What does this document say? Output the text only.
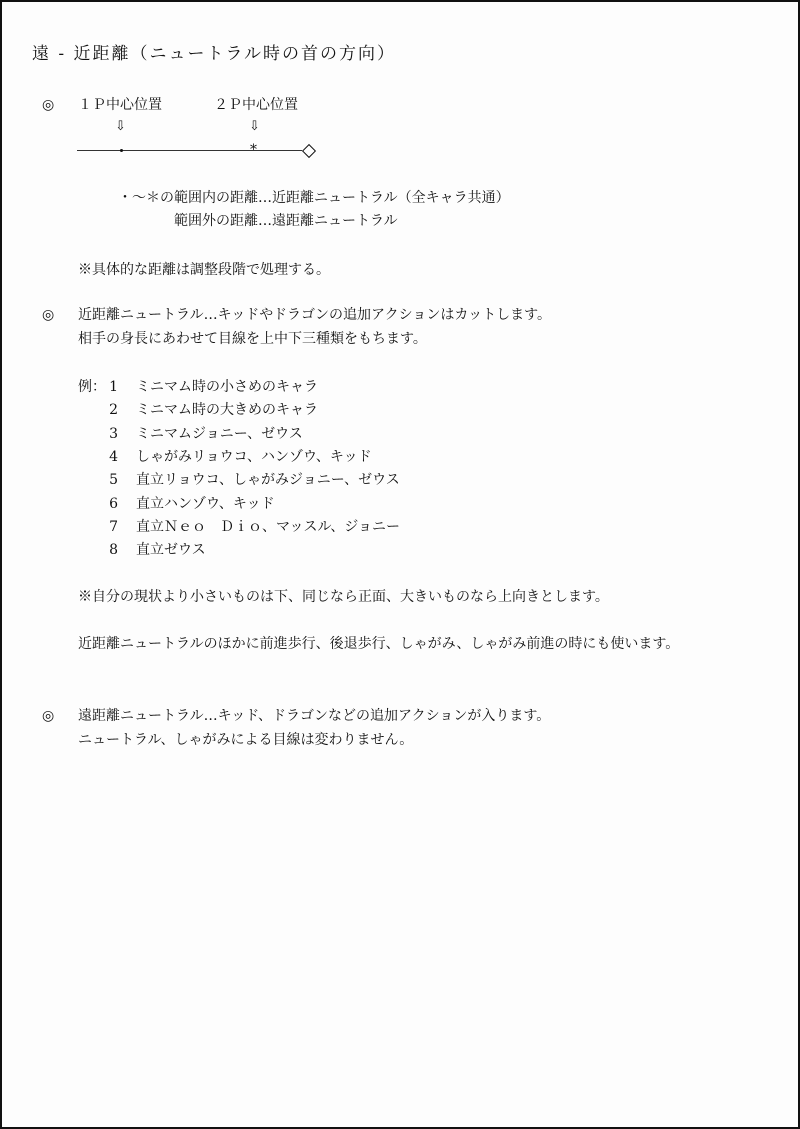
遠 - 近距離（ニュートラル時の首の方向）
◎ １Ｐ中心位置	２Ｐ中心位置
⇩	⇩
*
・～＊の範囲内の距離…近距離ニュートラル（全キャラ共通）
範囲外の距離…遠距離ニュートラル
※具体的な距離は調整段階で処理する。
◎ 近距離ニュートラル…キッドやドラゴンの追加アクションはカットします。
相手の身長にあわせて目線を上中下三種類をもちます。
例： 1 ミニマム時の小さめのキャラ
2 ミニマム時の大きめのキャラ
3 ミニマムジョニー、ゼウス
4 しゃがみリョウコ、ハンゾウ、キッド
5 直立リョウコ、しゃがみジョニー、ゼウス
6 直立ハンゾウ、キッド
7 直立Ｎｅｏ　Ｄｉｏ、マッスル、ジョニー
8 直立ゼウス
※自分の現状より小さいものは下、同じなら正面、大きいものなら上向きとします。
近距離ニュートラルのほかに前進歩行、後退歩行、しゃがみ、しゃがみ前進の時にも使います。
◎ 遠距離ニュートラル…キッド、ドラゴンなどの追加アクションが入ります。
ニュートラル、しゃがみによる目線は変わりません。
